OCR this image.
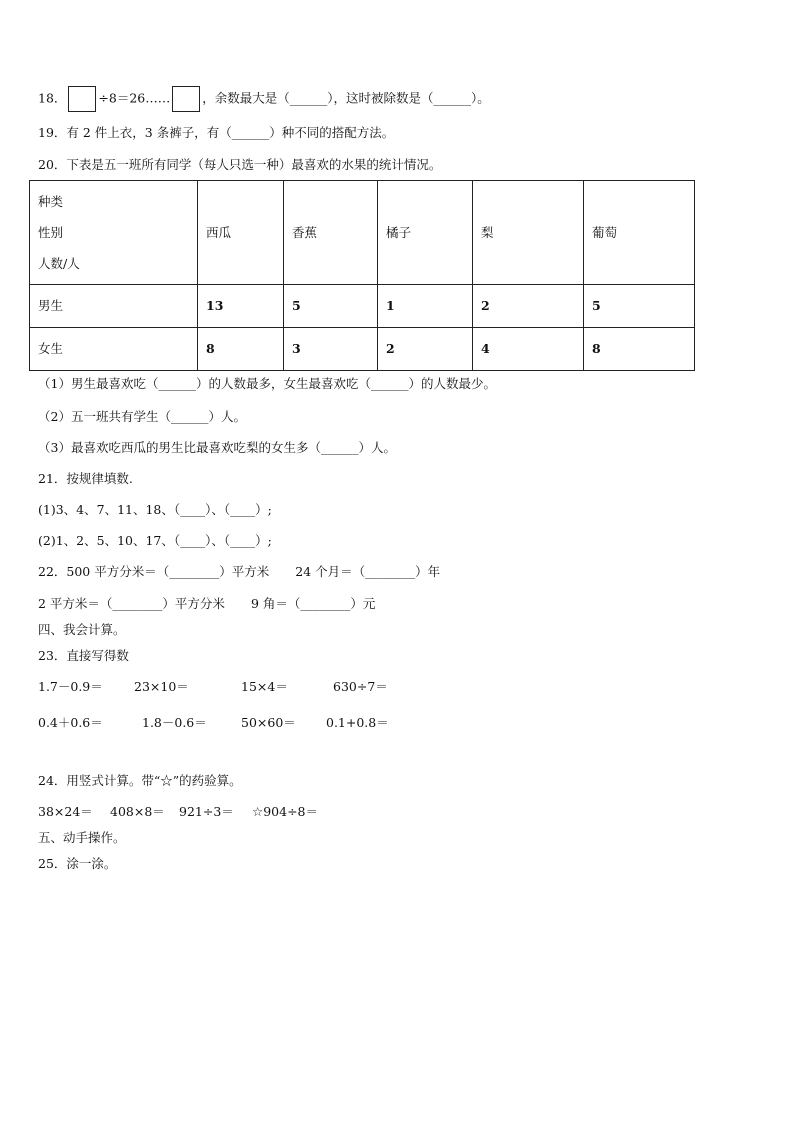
18．	÷8＝26……	，余数最大是（______），这时被除数是（______）。
19．有 2 件上衣，3 条裤子，有（______）种不同的搭配方法。
20．下表是五一班所有同学（每人只选一种）最喜欢的水果的统计情况。
种类
性别
人数/人	西瓜	香蕉	橘子	梨	葡萄
男生	13	5	1	2	5
女生	8	3	2	4	8
（1）男生最喜欢吃（______）的人数最多，女生最喜欢吃（______）的人数最少。
（2）五一班共有学生（______）人。
（3）最喜欢吃西瓜的男生比最喜欢吃梨的女生多（______）人。
21．按规律填数.
(1)3、4、7、11、18、（____）、（____）;
(2)1、2、5、10、17、（____）、（____）;
22．500 平方分米＝（________）平方米 24 个月＝（________）年
2 平方米＝（________）平方分米 9 角＝（________）元
四、我会计算。
23．直接写得数
1.7－0.9＝ 23×10＝	15×4＝	630÷7＝
0.4＋0.6＝	1.8－0.6＝	50×60＝ 0.1+0.8＝
24．用竖式计算。带“☆”的药验算。
38×24＝ 408×8＝ 921÷3＝ ☆904÷8＝
五、动手操作。
25．涂一涂。
